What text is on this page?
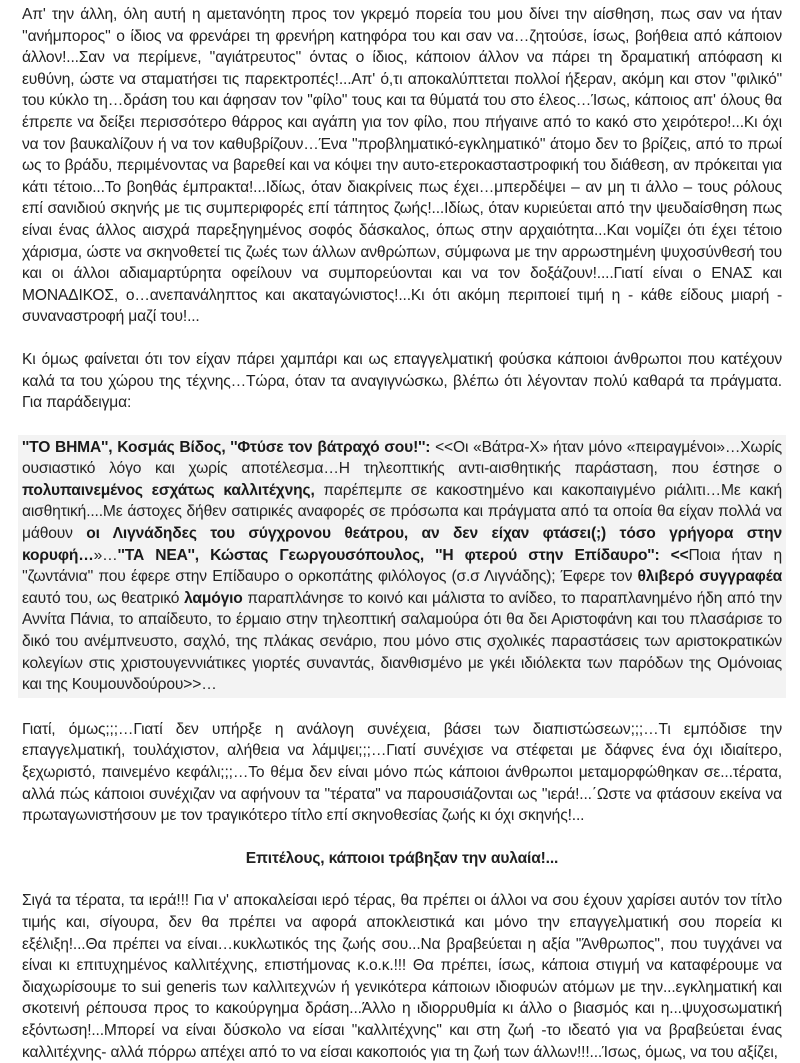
Απ' την άλλη, όλη αυτή η αμετανόητη προς τον γκρεμό πορεία του μου δίνει την αίσθηση, πως σαν να ήταν ''ανήμπορος'' ο ίδιος να φρενάρει τη φρενήρη κατηφόρα του και σαν να…ζητούσε, ίσως, βοήθεια από κάποιον άλλον!...Σαν να περίμενε, ''αγιάτρευτος'' όντας ο ίδιος, κάποιον άλλον να πάρει τη δραματική απόφαση κι ευθύνη, ώστε να σταματήσει τις παρεκτροπές!...Απ' ό,τι αποκαλύπτεται πολλοί ήξεραν, ακόμη και στον "φιλικό" του κύκλο τη…δράση του και άφησαν τον "φίλο" τους και τα θύματά του στο έλεος…Ίσως, κάποιος απ' όλους θα έπρεπε να δείξει περισσότερο θάρρος και αγάπη για τον φίλο, που πήγαινε από το κακό στο χειρότερο!...Κι όχι να τον βαυκαλίζουν ή να τον καθυβρίζουν…Ένα ''προβληματικό-εγκληματικό'' άτομο δεν το βρίζεις, από το πρωί ως το βράδυ, περιμένοντας να βαρεθεί και να κόψει την αυτο-ετεροκασταστροφική του διάθεση, αν πρόκειται για κάτι τέτοιο...Το βοηθάς έμπρακτα!...Ιδίως, όταν διακρίνεις πως έχει…μπερδέψει – αν μη τι άλλο – τους ρόλους επί σανιδιού σκηνής με τις συμπεριφορές επί τάπητος ζωής!...Ιδίως, όταν κυριεύεται από την ψευδαίσθηση πως είναι ένας άλλος αισχρά παρεξηγημένος σοφός δάσκαλος, όπως στην αρχαιότητα...Και νομίζει ότι έχει τέτοιο χάρισμα, ώστε να σκηνοθετεί τις ζωές των άλλων ανθρώπων, σύμφωνα με την αρρωστημένη ψυχοσύνθεσή του και οι άλλοι αδιαμαρτύρητα οφείλουν να συμπορεύονται και να τον δοξάζουν!....Γιατί είναι ο ΕΝΑΣ και ΜΟΝΑΔΙΚΟΣ, ο…ανεπανάληπτος και ακαταγώνιστος!...Κι ότι ακόμη περιποιεί τιμή η - κάθε είδους μιαρή - συναναστροφή μαζί του!...

Κι όμως φαίνεται ότι τον είχαν πάρει χαμπάρι και ως επαγγελματική φούσκα κάποιοι άνθρωποι που κατέχουν καλά τα του χώρου της τέχνης…Τώρα, όταν τα αναγιγνώσκω, βλέπω ότι λέγονταν πολύ καθαρά τα πράγματα. Για παράδειγμα:

''ΤΟ ΒΗΜΑ'', Κοσμάς Βίδος, ''Φτύσε τον βάτραχό σου!'': <<Οι «Βάτρα-Χ» ήταν μόνο «πειραγμένοι»…Χωρίς ουσιαστικό λόγο και χωρίς αποτέλεσμα…Η τηλεοπτικής αντι-αισθητικής παράσταση, που έστησε ο πολυπαινεμένος εσχάτως καλλιτέχνης, παρέπεμπε σε κακοστημένο και κακοπαιγμένο ριάλιτι…Με κακή αισθητική....Με άστοχες δήθεν σατιρικές αναφορές σε πρόσωπα και πράγματα από τα οποία θα είχαν πολλά να μάθουν οι Λιγνάδηδες του σύγχρονου θεάτρου, αν δεν είχαν φτάσει(;) τόσο γρήγορα στην κορυφή…»…''ΤΑ ΝΕΑ'', Κώστας Γεωργουσόπουλος, ''Η φτερού στην Επίδαυρο'': <<Ποια ήταν η ''ζωντάνια'' που έφερε στην Επίδαυρο ο ορκοπάτης φιλόλογος (σ.σ Λιγνάδης); Έφερε τον θλιβερό συγγραφέα εαυτό του, ως θεατρικό λαμόγιο παραπλάνησε το κοινό και μάλιστα το ανίδεο, το παραπλανημένο ήδη από την Αννίτα Πάνια, το απαίδευτο, το έρμαιο στην τηλεοπτική σαλαμούρα ότι θα δει Αριστοφάνη και του πλασάρισε το δικό του ανέμπνευστο, σαχλό, της πλάκας σενάριο, που μόνο στις σχολικές παραστάσεις των αριστοκρατικών κολεγίων στις χριστουγεννιάτικες γιορτές συναντάς, διανθισμένο με γκέι ιδιόλεκτα των παρόδων της Ομόνοιας και της Κουμουνδούρου>>…

Γιατί, όμως;;;…Γιατί δεν υπήρξε η ανάλογη συνέχεια, βάσει των διαπιστώσεων;;;…Τι εμπόδισε την επαγγελματική, τουλάχιστον, αλήθεια να λάμψει;;;…Γιατί συνέχισε να στέφεται με δάφνες ένα όχι ιδιαίτερο, ξεχωριστό, παινεμένο κεφάλι;;;…Το θέμα δεν είναι μόνο πώς κάποιοι άνθρωποι μεταμορφώθηκαν σε...τέρατα, αλλά πώς κάποιοι συνέχιζαν να αφήνουν τα ''τέρατα'' να παρουσιάζονται ως ''ιερά!...΄Ωστε να φτάσουν εκείνα να πρωταγωνιστήσουν με τον τραγικότερο τίτλο επί σκηνοθεσίας ζωής κι όχι σκηνής!...

Επιτέλους, κάποιοι τράβηξαν την αυλαία!...

Σιγά τα τέρατα, τα ιερά!!! Για ν' αποκαλείσαι ιερό τέρας, θα πρέπει οι άλλοι να σου έχουν χαρίσει αυτόν τον τίτλο τιμής και, σίγουρα, δεν θα πρέπει να αφορά αποκλειστικά και μόνο την επαγγελματική σου πορεία κι εξέλιξη!...Θα πρέπει να είναι…κυκλωτικός της ζωής σου...Να βραβεύεται η αξία ''Άνθρωπος'', που τυγχάνει να είναι κι επιτυχημένος καλλιτέχνης, επιστήμονας κ.ο.κ.!!! Θα πρέπει, ίσως, κάποια στιγμή να καταφέρουμε να διαχωρίσουμε το sui generis των καλλιτεχνών ή γενικότερα κάποιων ιδιοφυών ατόμων με την...εγκληματική και σκοτεινή ρέπουσα προς το κακούργημα δράση...Άλλο η ιδιορρυθμία κι άλλο ο βιασμός και η...ψυχοσωματική εξόντωση!...Μπορεί να είναι δύσκολο να είσαι "καλλιτέχνης" και στη ζωή -το ιδεατό για να βραβεύεται ένας καλλιτέχνης- αλλά πόρρω απέχει από το να είσαι κακοποιός για τη ζωή των άλλων!!!...Ίσως, όμως, να του αξίζει,
